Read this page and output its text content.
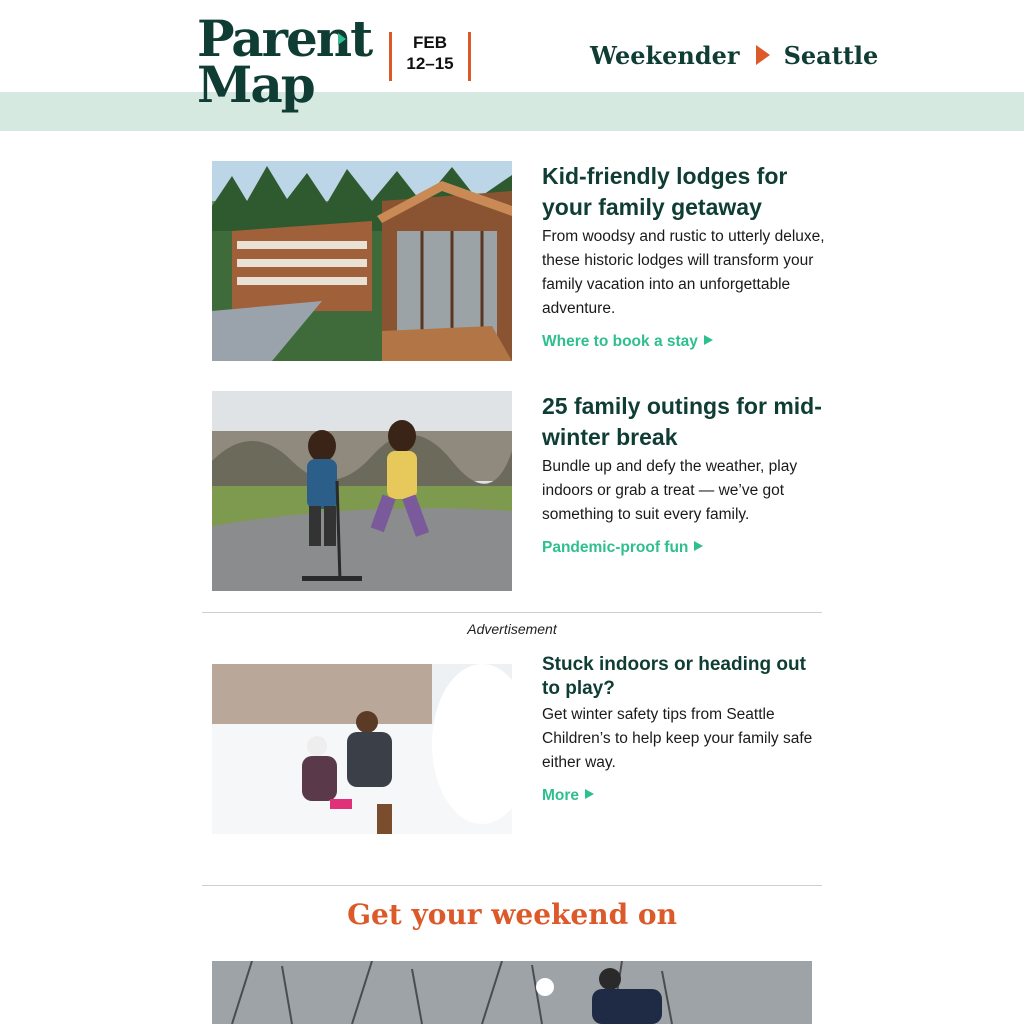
Parent
Map
FEB
12–15	Weekender Seattle
Kid-friendly lodges for your family getaway
From woodsy and rustic to utterly deluxe, these historic lodges will transform your family vacation into an unforgettable adventure.
Where to book a stay
25 family outings for mid-winter break
Bundle up and defy the weather, play indoors or grab a treat — we’ve got something to suit every family.
Pandemic-proof fun
Advertisement
Stuck indoors or heading out to play?
Get winter safety tips from Seattle Children’s to help keep your family safe either way.
More
Get your weekend on
